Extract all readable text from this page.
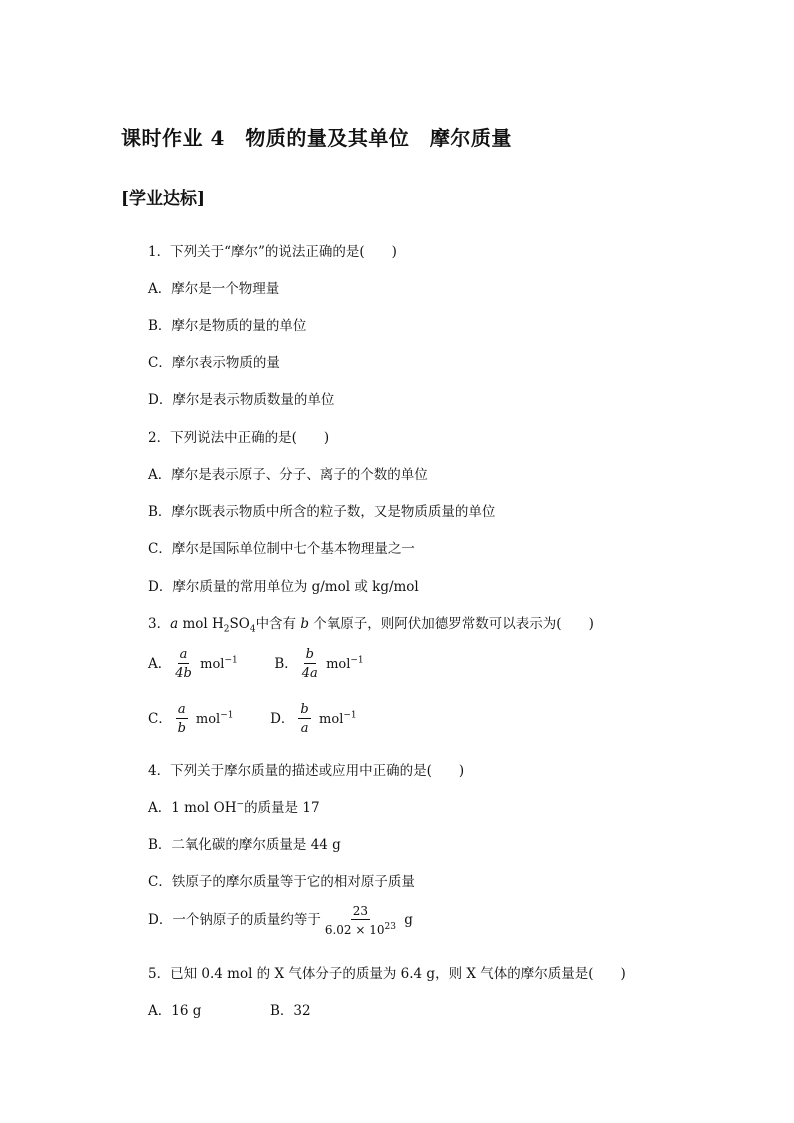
课时作业 4　物质的量及其单位　摩尔质量
[学业达标]
1．下列关于“摩尔”的说法正确的是(　　)
A．摩尔是一个物理量
B．摩尔是物质的量的单位
C．摩尔表示物质的量
D．摩尔是表示物质数量的单位
2．下列说法中正确的是(　　)
A．摩尔是表示原子、分子、离子的个数的单位
B．摩尔既表示物质中所含的粒子数，又是物质质量的单位
C．摩尔是国际单位制中七个基本物理量之一
D．摩尔质量的常用单位为 g/mol 或 kg/mol
3．a mol $H_2SO_4$中含有 b 个氧原子，则阿伏加德罗常数可以表示为(　　)
A． $\frac{a}{4b} mol^{-1}$	B． $\frac{b}{4a} mol^{-1}$
C． $\frac{a}{b} mol^{-1}$	D． $\frac{b}{a} mol^{-1}$
4．下列关于摩尔质量的描述或应用中正确的是(　　)
A．1 mol OH−的质量是 17
B．二氧化碳的摩尔质量是 44 g
C．铁原子的摩尔质量等于它的相对原子质量
D．一个钠原子的质量约等于 $\frac{23}{6.02 \times 10^{23}}$ g
5．已知 0.4 mol 的 X 气体分子的质量为 6.4 g，则 X 气体的摩尔质量是(　　)
A．16 g	B．32
